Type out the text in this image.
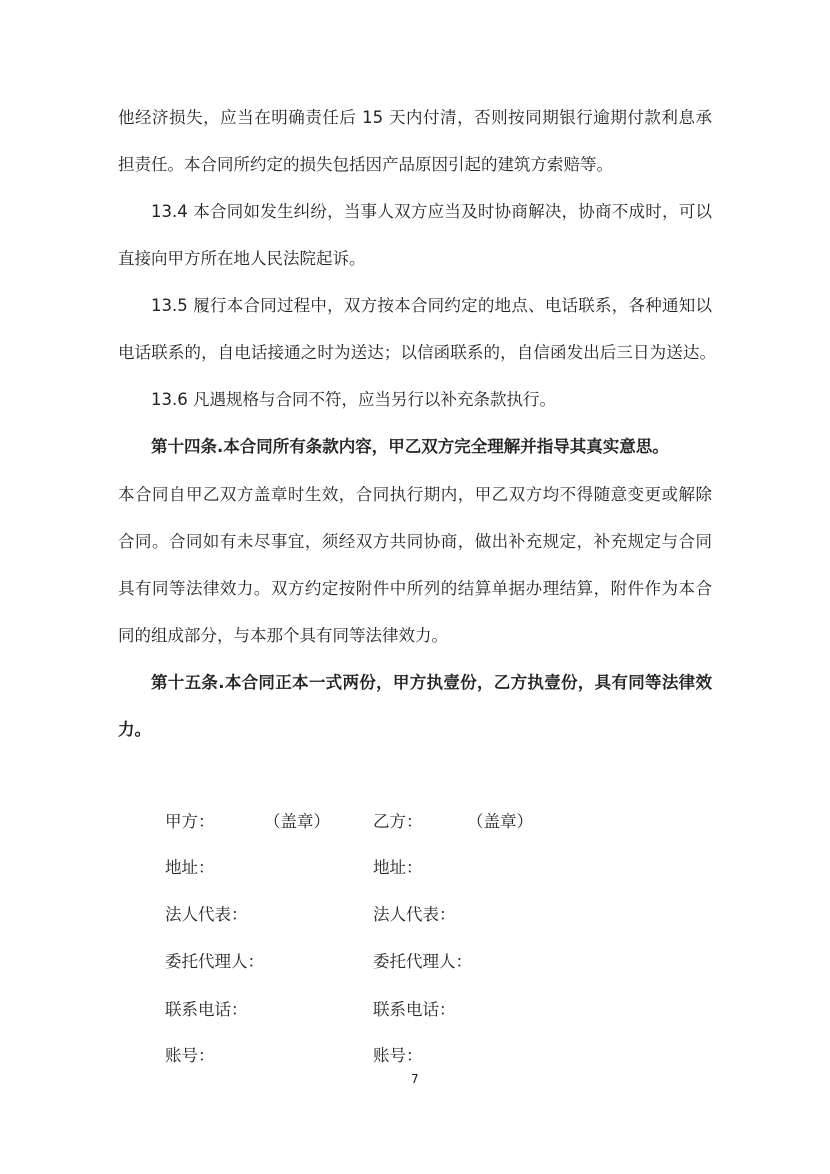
他经济损失，应当在明确责任后 15 天内付清，否则按同期银行逾期付款利息承
担责任。本合同所约定的损失包括因产品原因引起的建筑方索赔等。
13.4 本合同如发生纠纷，当事人双方应当及时协商解决，协商不成时，可以
直接向甲方所在地人民法院起诉。
13.5 履行本合同过程中，双方按本合同约定的地点、电话联系，各种通知以
电话联系的，自电话接通之时为送达；以信函联系的，自信函发出后三日为送达。
13.6 凡遇规格与合同不符，应当另行以补充条款执行。
第十四条.本合同所有条款内容，甲乙双方完全理解并指导其真实意思。
本合同自甲乙双方盖章时生效，合同执行期内，甲乙双方均不得随意变更或解除
合同。合同如有未尽事宜，须经双方共同协商，做出补充规定，补充规定与合同
具有同等法律效力。双方约定按附件中所列的结算单据办理结算，附件作为本合
同的组成部分，与本那个具有同等法律效力。
第十五条.本合同正本一式两份，甲方执壹份，乙方执壹份，具有同等法律效
力。
甲方：	（盖章）	乙方：	（盖章）
地址：	地址：
法人代表：	法人代表：
委托代理人：	委托代理人：
联系电话：	联系电话：
账号：	账号：
7
